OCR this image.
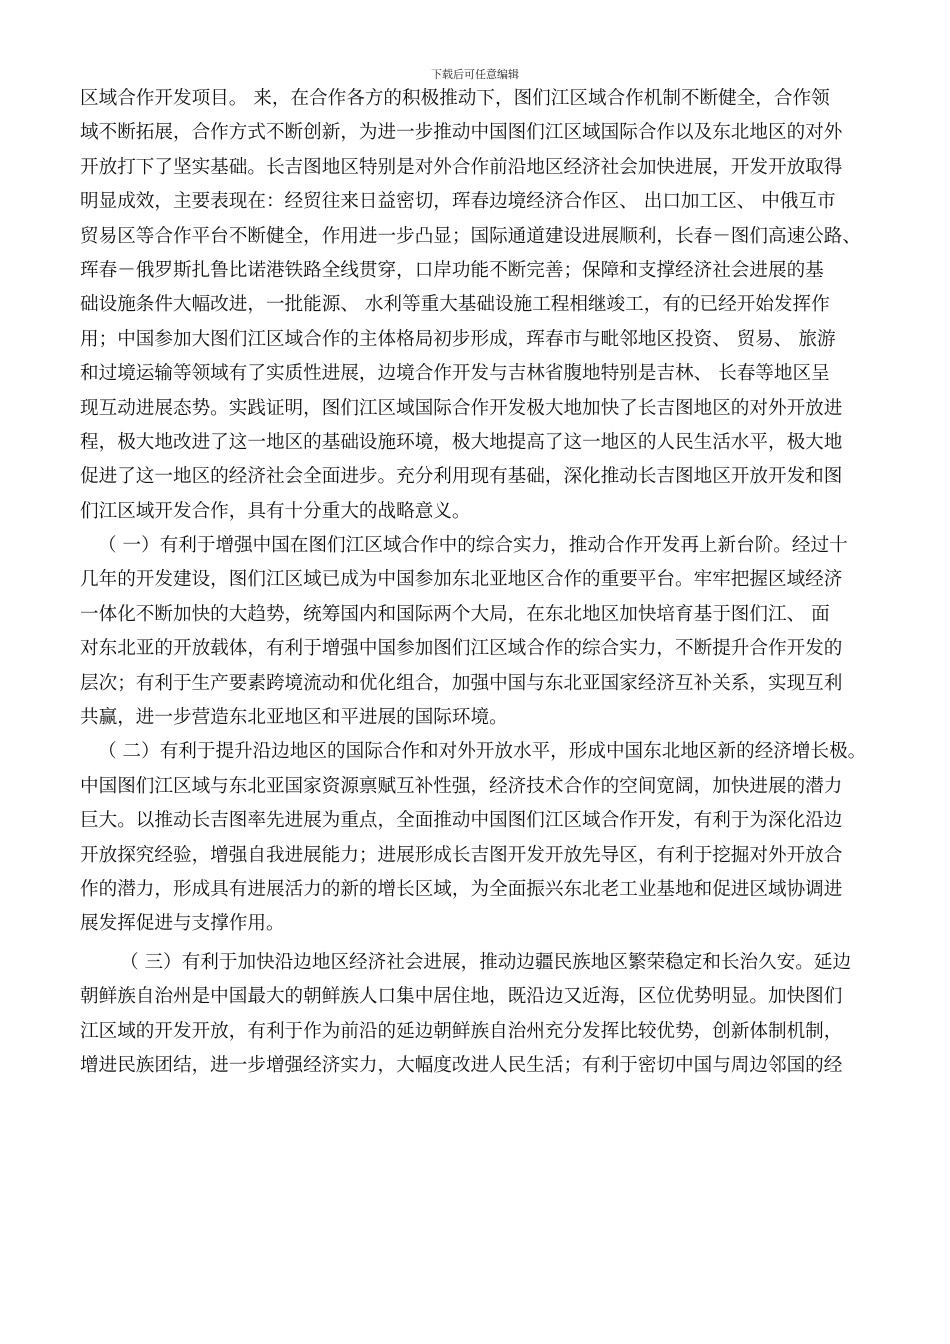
下载后可任意编辑
区域合作开发项目。 来，在合作各方的积极推动下，图们江区域合作机制不断健全，合作领
域不断拓展，合作方式不断创新，为进一步推动中国图们江区域国际合作以及东北地区的对外
开放打下了坚实基础。长吉图地区特别是对外合作前沿地区经济社会加快进展，开发开放取得
明显成效，主要表现在：经贸往来日益密切，珲春边境经济合作区、 出口加工区、 中俄互市
贸易区等合作平台不断健全，作用进一步凸显；国际通道建设进展顺利，长春－图们高速公路、
珲春－俄罗斯扎鲁比诺港铁路全线贯穿，口岸功能不断完善；保障和支撑经济社会进展的基
础设施条件大幅改进，一批能源、 水利等重大基础设施工程相继竣工，有的已经开始发挥作
用；中国参加大图们江区域合作的主体格局初步形成，珲春市与毗邻地区投资、 贸易、 旅游
和过境运输等领域有了实质性进展，边境合作开发与吉林省腹地特别是吉林、 长春等地区呈
现互动进展态势。实践证明，图们江区域国际合作开发极大地加快了长吉图地区的对外开放进
程，极大地改进了这一地区的基础设施环境，极大地提高了这一地区的人民生活水平，极大地
促进了这一地区的经济社会全面进步。充分利用现有基础，深化推动长吉图地区开放开发和图
们江区域开发合作，具有十分重大的战略意义。
（ 一）有利于增强中国在图们江区域合作中的综合实力，推动合作开发再上新台阶。经过十
几年的开发建设，图们江区域已成为中国参加东北亚地区合作的重要平台。牢牢把握区域经济
一体化不断加快的大趋势，统筹国内和国际两个大局，在东北地区加快培育基于图们江、 面
对东北亚的开放载体，有利于增强中国参加图们江区域合作的综合实力，不断提升合作开发的
层次；有利于生产要素跨境流动和优化组合，加强中国与东北亚国家经济互补关系，实现互利
共赢，进一步营造东北亚地区和平进展的国际环境。
（ 二）有利于提升沿边地区的国际合作和对外开放水平，形成中国东北地区新的经济增长极。
中国图们江区域与东北亚国家资源禀赋互补性强，经济技术合作的空间宽阔，加快进展的潜力
巨大。以推动长吉图率先进展为重点，全面推动中国图们江区域合作开发，有利于为深化沿边
开放探究经验，增强自我进展能力；进展形成长吉图开发开放先导区，有利于挖掘对外开放合
作的潜力，形成具有进展活力的新的增长区域，为全面振兴东北老工业基地和促进区域协调进
展发挥促进与支撑作用。
（ 三）有利于加快沿边地区经济社会进展，推动边疆民族地区繁荣稳定和长治久安。延边
朝鲜族自治州是中国最大的朝鲜族人口集中居住地，既沿边又近海，区位优势明显。加快图们
江区域的开发开放，有利于作为前沿的延边朝鲜族自治州充分发挥比较优势，创新体制机制，
增进民族团结，进一步增强经济实力，大幅度改进人民生活；有利于密切中国与周边邻国的经
